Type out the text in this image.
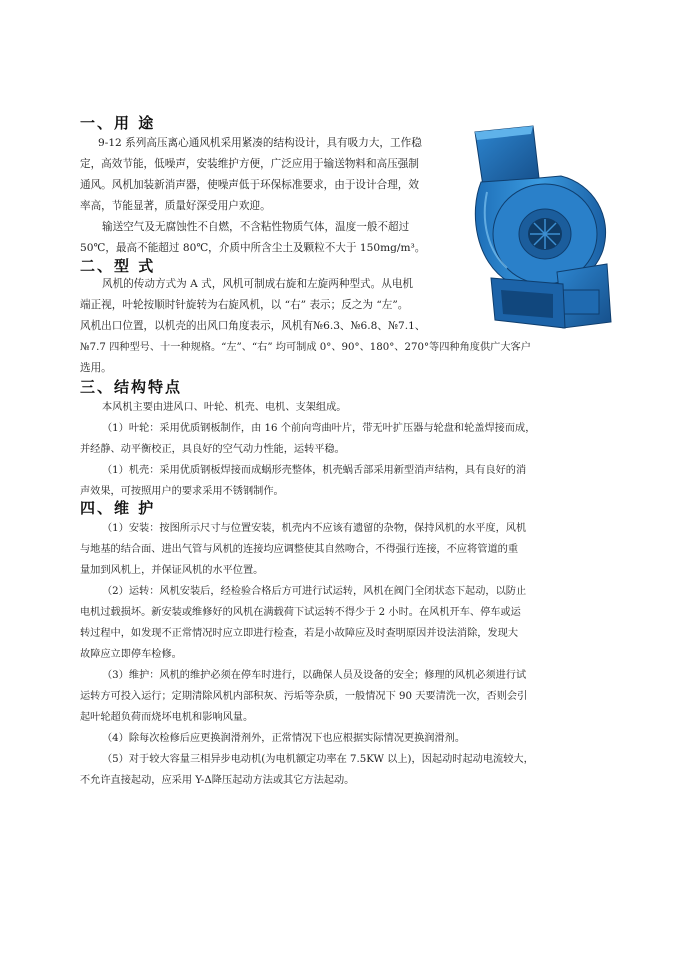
一、用 途
9-12 系列高压离心通风机采用紧凑的结构设计，具有吸力大，工作稳
定，高效节能，低噪声，安装维护方便，广泛应用于输送物料和高压强制
通风。风机加装新消声器，使噪声低于环保标准要求，由于设计合理，效
率高，节能显著，质量好深受用户欢迎。
输送空气及无腐蚀性不自燃，不含粘性物质气体，温度一般不超过
50℃，最高不能超过 80℃，介质中所含尘土及颗粒不大于 150mg/m³。
二、型 式
风机的传动方式为 A 式，风机可制成右旋和左旋两种型式。从电机
端正视，叶轮按顺时针旋转为右旋风机，以 “右” 表示；反之为 “左”。
风机出口位置，以机壳的出风口角度表示，风机有№6.3、№6.8、№7.1、
№7.7 四种型号、十一种规格。“左”、“右” 均可制成 0°、90°、180°、270°等四种角度供广大客户
选用。
三、结构特点
本风机主要由进风口、叶轮、机壳、电机、支架组成。
（1）叶轮：采用优质钢板制作，由 16 个前向弯曲叶片，带无叶扩压器与轮盘和轮盖焊接而成，
并经静、动平衡校正，具良好的空气动力性能，运转平稳。
（1）机壳：采用优质钢板焊接而成蜗形壳整体，机壳蜗舌部采用新型消声结构，具有良好的消
声效果，可按照用户的要求采用不锈钢制作。
四、维 护
（1）安装：按图所示尺寸与位置安装，机壳内不应该有遗留的杂物，保持风机的水平度，风机
与地基的结合面、进出气管与风机的连接均应调整使其自然吻合，不得强行连接，不应将管道的重
量加到风机上，并保证风机的水平位置。
（2）运转：风机安装后，经检验合格后方可进行试运转，风机在阀门全闭状态下起动，以防止
电机过载损坏。新安装或维修好的风机在满载荷下试运转不得少于 2 小时。在风机开车、停车或运
转过程中，如发现不正常情况时应立即进行检查，若是小故障应及时查明原因并设法消除，发现大
故障应立即停车检修。
（3）维护：风机的维护必须在停车时进行，以确保人员及设备的安全；修理的风机必须进行试
运转方可投入运行；定期清除风机内部积灰、污垢等杂质，一般情况下 90 天要清洗一次，否则会引
起叶轮超负荷而烧坏电机和影响风量。
（4）除每次检修后应更换润滑剂外，正常情况下也应根据实际情况更换润滑剂。
（5）对于较大容量三相异步电动机(为电机额定功率在 7.5KW 以上)，因起动时起动电流较大，
不允许直接起动，应采用 Y-Δ降压起动方法或其它方法起动。
